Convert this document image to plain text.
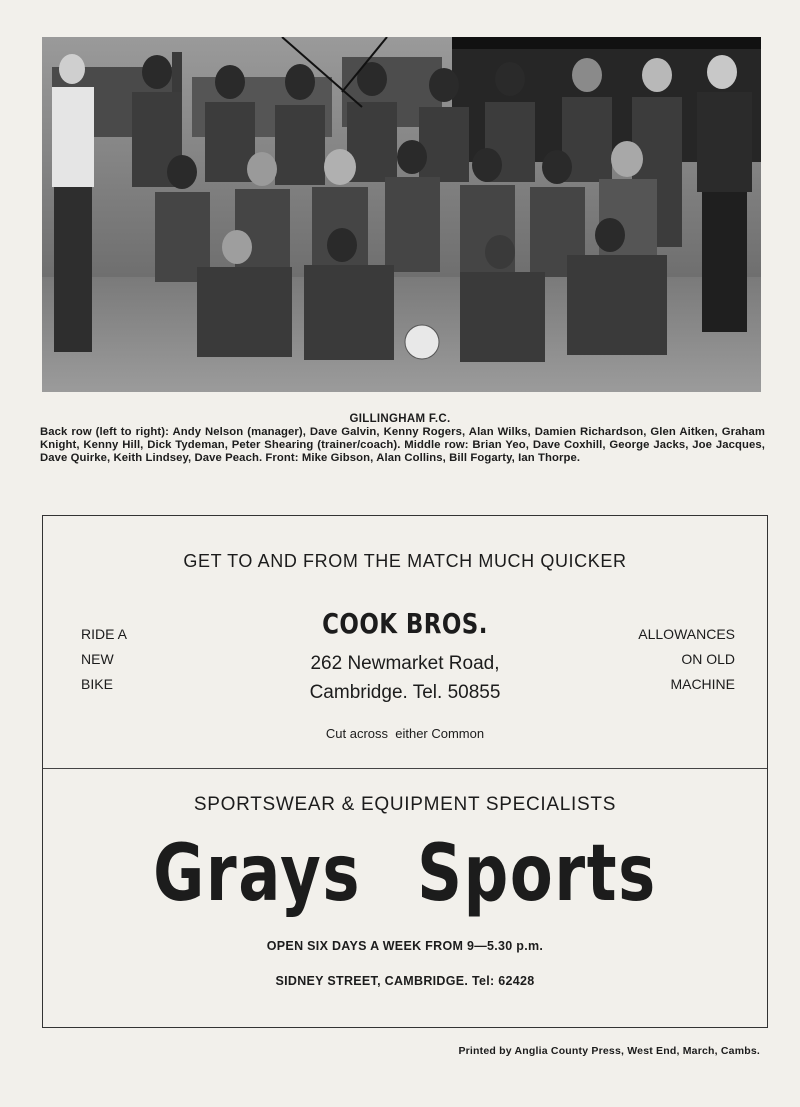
GILLINGHAM F.C.
Back row (left to right): Andy Nelson (manager), Dave Galvin, Kenny Rogers, Alan Wilks, Damien Richardson, Glen Aitken, Graham Knight, Kenny Hill, Dick Tydeman, Peter Shearing (trainer/coach). Middle row: Brian Yeo, Dave Coxhill, George Jacks, Joe Jacques, Dave Quirke, Keith Lindsey, Dave Peach. Front: Mike Gibson, Alan Collins, Bill Fogarty, Ian Thorpe.
GET TO AND FROM THE MATCH MUCH QUICKER
RIDE A
NEW
BIKE
ALLOWANCES
ON OLD
MACHINE
COOK BROS.
262 Newmarket Road,
Cambridge. Tel. 50855
Cut across  either Common
SPORTSWEAR & EQUIPMENT SPECIALISTS
Grays Sports
OPEN SIX DAYS A WEEK FROM 9—5.30 p.m.
SIDNEY STREET, CAMBRIDGE. Tel: 62428
Printed by Anglia County Press, West End, March, Cambs.
